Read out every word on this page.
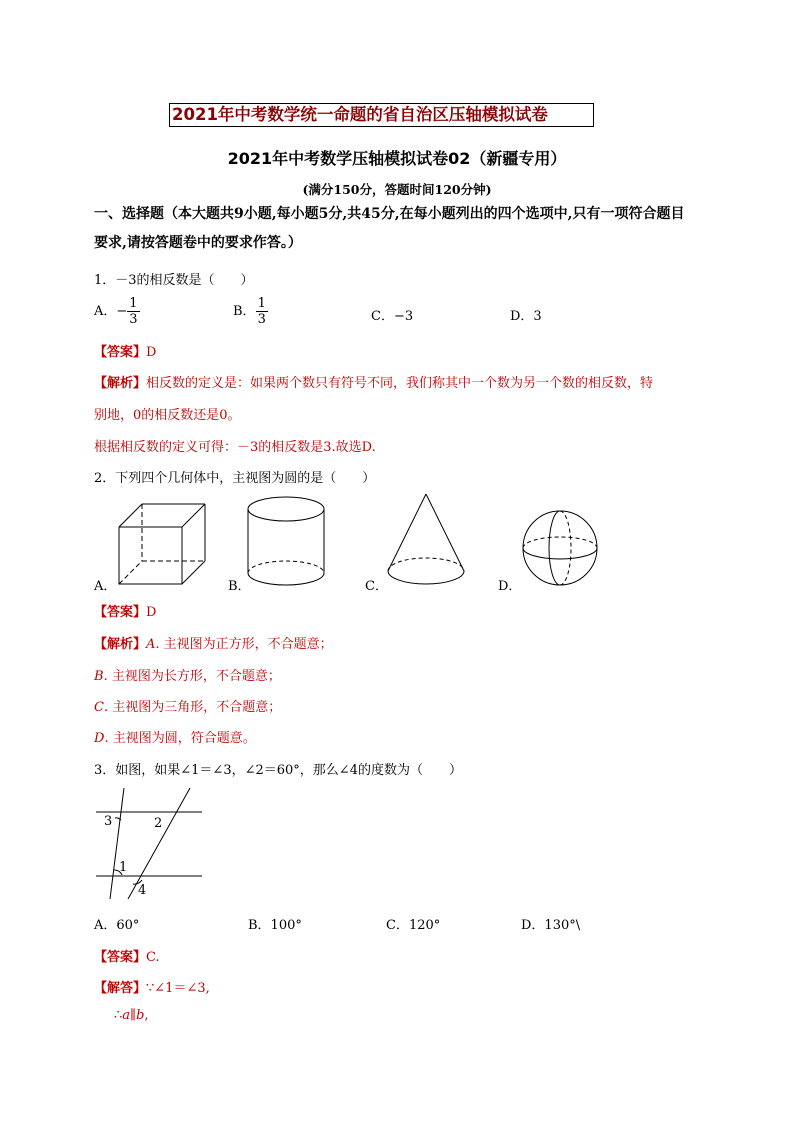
2021年中考数学统一命题的省自治区压轴模拟试卷
2021年中考数学压轴模拟试卷02（新疆专用）
(满分150分，答题时间120分钟)
一、选择题（本大题共9小题,每小题5分,共45分,在每小题列出的四个选项中,只有一项符合题目
要求,请按答题卷中的要求作答。）
1．－3的相反数是（　　）
A．− $\frac{1}{3}$	B． $\frac{1}{3}$	C．−3	D．3
【答案】D
【解析】相反数的定义是：如果两个数只有符号不同，我们称其中一个数为另一个数的相反数，特
别地，0的相反数还是0。
根据相反数的定义可得：－3的相反数是3.故选D.
2．下列四个几何体中，主视图为圆的是（　　）
A．	B．	C．	D．
【答案】D
【解析】A. 主视图为正方形，不合题意；
B. 主视图为长方形，不合题意；
C. 主视图为三角形，不合题意；
D. 主视图为圆，符合题意。
3．如图，如果∠1＝∠3，∠2＝60°，那么∠4的度数为（　　）
3	2
1
4
A．60°	B．100°	C．120°	D．130°\
【答案】C.
【解答】∵∠1＝∠3,
∴a∥b,
